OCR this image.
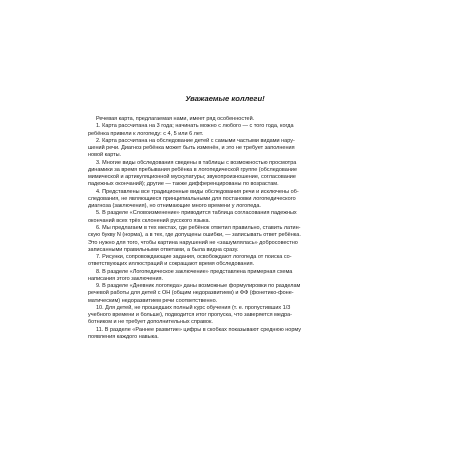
Уважаемые коллеги!
Речевая карта, предлагаемая нами, имеет ряд особенностей.
1. Карта рассчитана на 3 года; начинать можно с любого — с того года, когда
ребёнка привели к логопеду: с 4, 5 или 6 лет.
2. Карта рассчитана на обследование детей с самыми частыми видами нару-
шений речи. Диагноз ребёнка может быть изменён, и это не требует заполнения
новой карты.
3. Многие виды обследования сведены в таблицы с возможностью просмотра
динамики за время пребывания ребёнка в логопедической группе (обследование
мимической и артикуляционной мускулатуры; звукопроизношение, согласование
падежных окончаний); другие — также дифференцированы по возрастам.
4. Представлены все традиционные виды обследования речи и исключены об-
следования, не являющиеся принципиальными для постановки логопедического
диагноза (заключения), но отнимающие много времени у логопеда.
5. В разделе «Словоизменение» приводится таблица согласования падежных
окончаний всех трёх склонений русского языка.
6. Мы предлагаем в тех местах, где ребёнок ответил правильно, ставить латин-
скую букву N (норма), а в тех, где допущены ошибки, — записывать ответ ребёнка.
Это нужно для того, чтобы картина нарушений не «зашумлялась» добросовестно
записанными правильными ответами, а была видна сразу.
7. Рисунки, сопровождающие задания, освобождают логопеда от поиска со-
ответствующих иллюстраций и сокращают время обследования.
8. В разделе «Логопедическое заключение» представлена примерная схема
написания этого заключения.
9. В разделе «Дневник логопеда» даны возможные формулировки по разделам
речевой работы для детей с ОН (общим недоразвитием) и ФФ (фонетико-фоне-
матическим) недоразвитием речи соответственно.
10. Для детей, не прошедших полный курс обучения (т. е. пропустивших 1/3
учебного времени и больше), подводится итог пропуска, что заверяется медра-
ботником и не требует дополнительных справок.
11. В разделе «Раннее развитие» цифры в скобках показывают среднюю норму
появления каждого навыка.
